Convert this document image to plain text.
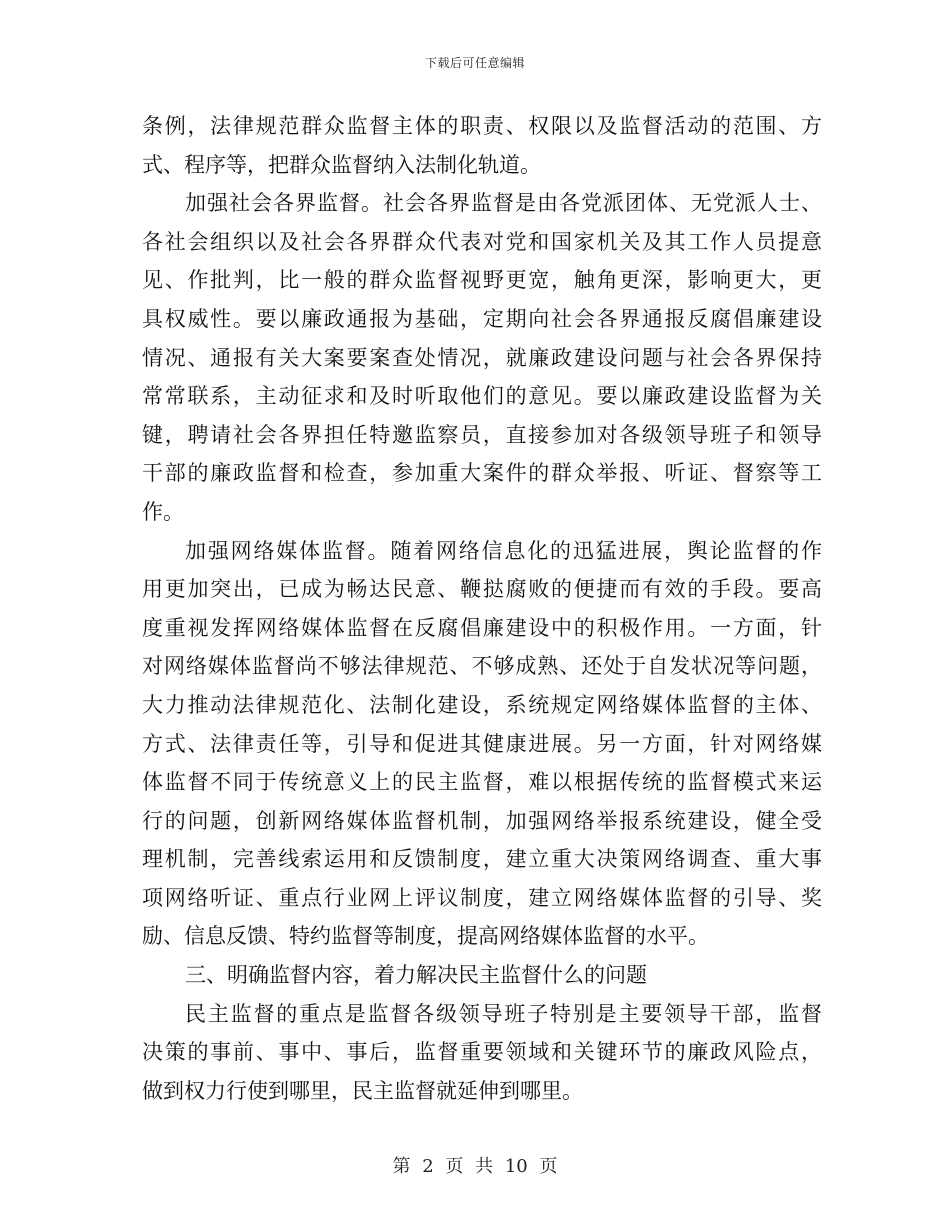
下载后可任意编辑
条例，法律规范群众监督主体的职责、权限以及监督活动的范围、方
式、程序等，把群众监督纳入法制化轨道。
加强社会各界监督。社会各界监督是由各党派团体、无党派人士、
各社会组织以及社会各界群众代表对党和国家机关及其工作人员提意
见、作批判，比一般的群众监督视野更宽，触角更深，影响更大，更
具权威性。要以廉政通报为基础，定期向社会各界通报反腐倡廉建设
情况、通报有关大案要案查处情况，就廉政建设问题与社会各界保持
常常联系，主动征求和及时听取他们的意见。要以廉政建设监督为关
键，聘请社会各界担任特邀监察员，直接参加对各级领导班子和领导
干部的廉政监督和检查，参加重大案件的群众举报、听证、督察等工
作。
加强网络媒体监督。随着网络信息化的迅猛进展，舆论监督的作
用更加突出，已成为畅达民意、鞭挞腐败的便捷而有效的手段。要高
度重视发挥网络媒体监督在反腐倡廉建设中的积极作用。一方面，针
对网络媒体监督尚不够法律规范、不够成熟、还处于自发状况等问题，
大力推动法律规范化、法制化建设，系统规定网络媒体监督的主体、
方式、法律责任等，引导和促进其健康进展。另一方面，针对网络媒
体监督不同于传统意义上的民主监督，难以根据传统的监督模式来运
行的问题，创新网络媒体监督机制，加强网络举报系统建设，健全受
理机制，完善线索运用和反馈制度，建立重大决策网络调查、重大事
项网络听证、重点行业网上评议制度，建立网络媒体监督的引导、奖
励、信息反馈、特约监督等制度，提高网络媒体监督的水平。
三、明确监督内容，着力解决民主监督什么的问题
民主监督的重点是监督各级领导班子特别是主要领导干部，监督
决策的事前、事中、事后，监督重要领域和关键环节的廉政风险点，
做到权力行使到哪里，民主监督就延伸到哪里。
第 2 页 共 10 页
